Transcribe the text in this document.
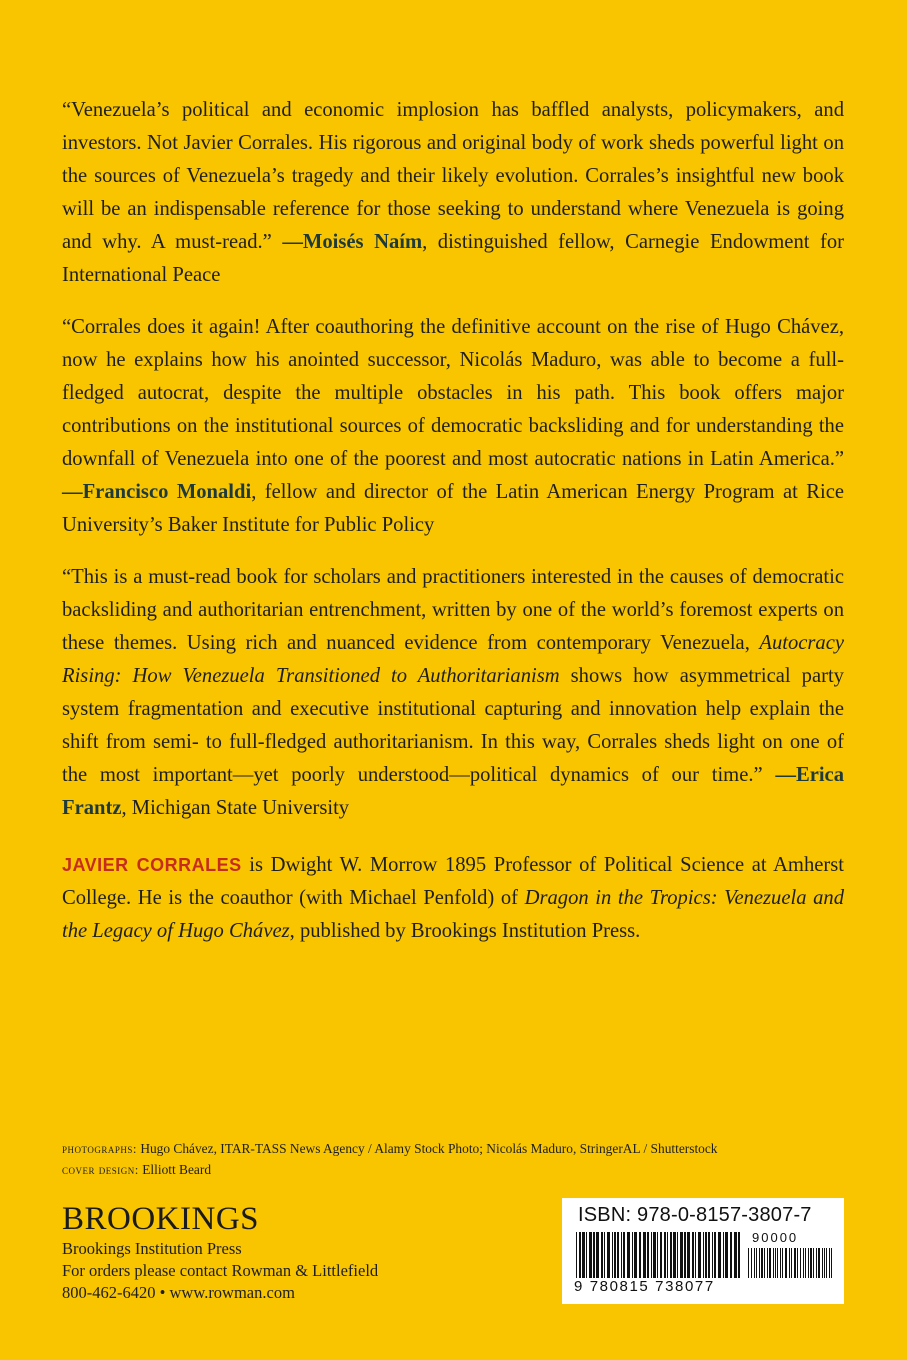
“Venezuela’s political and economic implosion has baffled analysts, policymakers, and investors. Not Javier Corrales. His rigorous and original body of work sheds powerful light on the sources of Venezuela’s tragedy and their likely evolution. Corrales’s insightful new book will be an indispensable reference for those seeking to understand where Venezuela is going and why. A must-read.” —Moisés Naím, distinguished fellow, Carnegie Endowment for International Peace

“Corrales does it again! After coauthoring the definitive account on the rise of Hugo Chávez, now he explains how his anointed successor, Nicolás Maduro, was able to become a full-fledged autocrat, despite the multiple obstacles in his path. This book offers major contributions on the institutional sources of democratic backsliding and for understanding the downfall of Venezuela into one of the poorest and most autocratic nations in Latin America.” —Francisco Monaldi, fellow and director of the Latin American Energy Program at Rice University’s Baker Institute for Public Policy

“This is a must-read book for scholars and practitioners interested in the causes of democratic backsliding and authoritarian entrenchment, written by one of the world’s foremost experts on these themes. Using rich and nuanced evidence from contemporary Venezuela, Autocracy Rising: How Venezuela Transitioned to Authoritarianism shows how asymmetrical party system fragmentation and executive institutional capturing and innovation help explain the shift from semi- to full-fledged authoritarianism. In this way, Corrales sheds light on one of the most important—yet poorly understood—political dynamics of our time.” —Erica Frantz, Michigan State University

JAVIER CORRALES is Dwight W. Morrow 1895 Professor of Political Science at Amherst College. He is the coauthor (with Michael Penfold) of Dragon in the Tropics: Venezuela and the Legacy of Hugo Chávez, published by Brookings Institution Press.

photographs: Hugo Chávez, ITAR-TASS News Agency / Alamy Stock Photo; Nicolás Maduro, StringerAL / Shutterstock
cover design: Elliott Beard
BROOKINGS
Brookings Institution Press
For orders please contact Rowman & Littlefield
800-462-6420 • www.rowman.com
ISBN: 978-0-8157-3807-7
90000
9 780815 738077
